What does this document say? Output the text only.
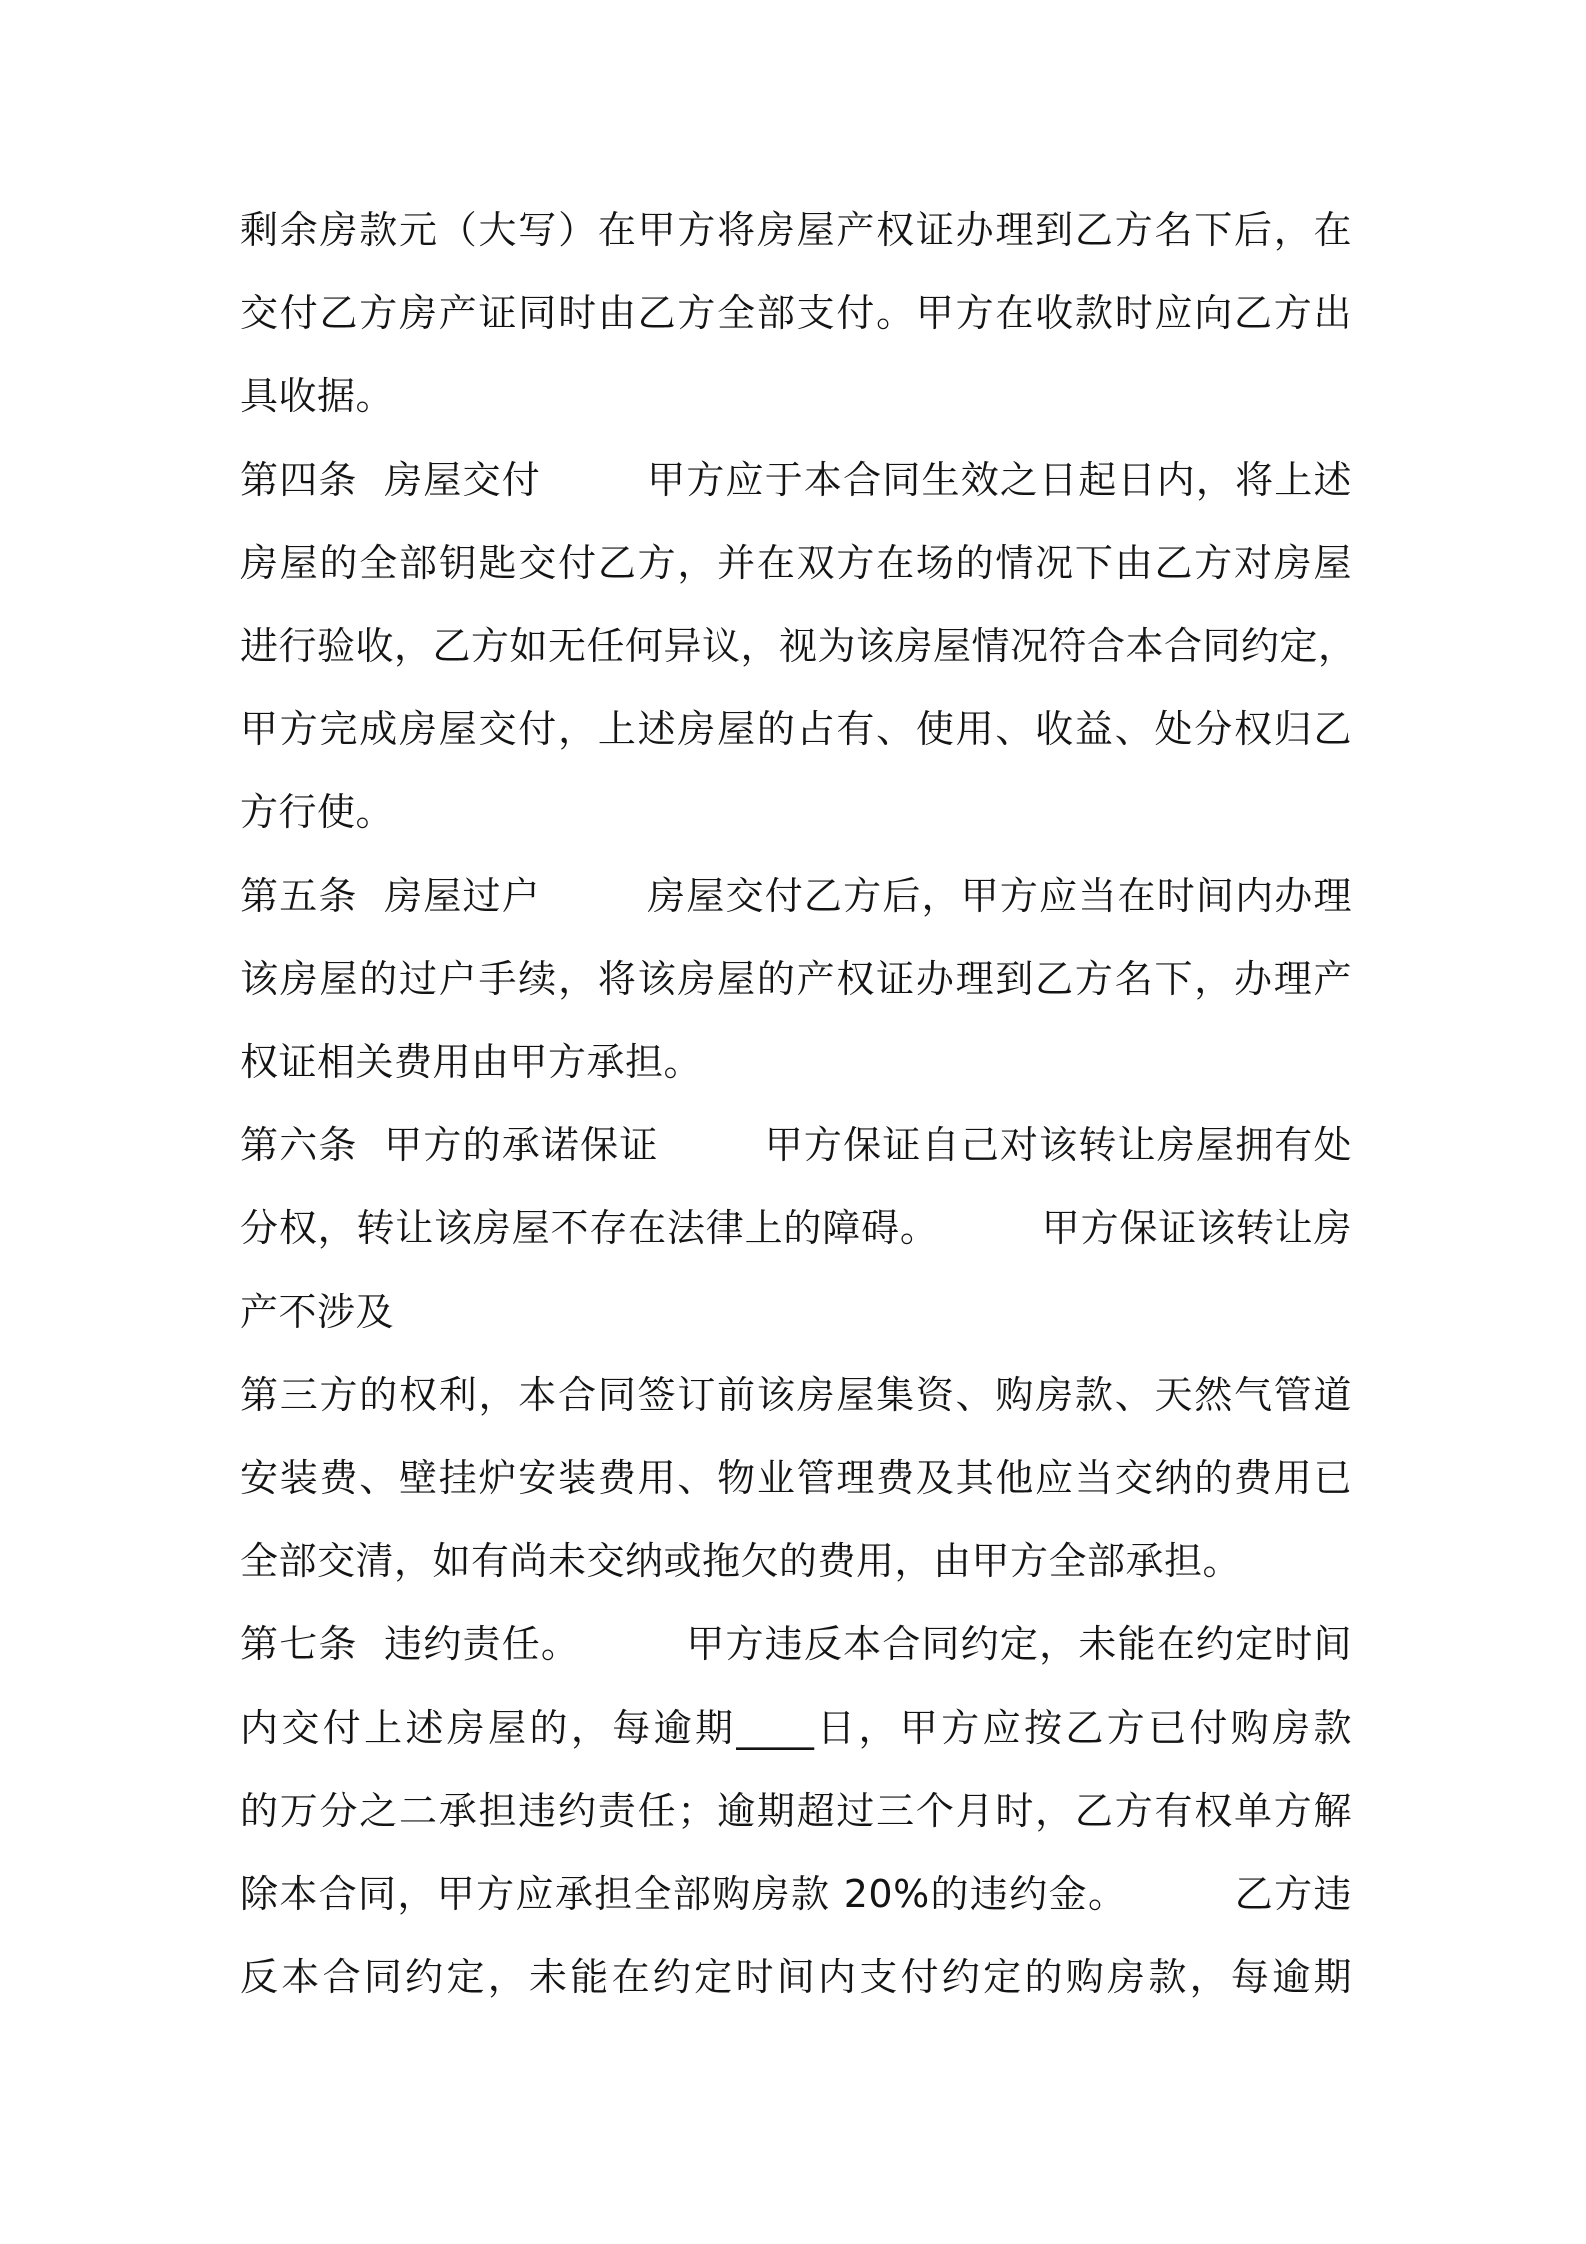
剩余房款元（大写）在甲方将房屋产权证办理到乙方名下后，在
交付乙方房产证同时由乙方全部支付。甲方在收款时应向乙方出
具收据。
第四条  房屋交付        甲方应于本合同生效之日起日内，将上述
房屋的全部钥匙交付乙方，并在双方在场的情况下由乙方对房屋
进行验收，乙方如无任何异议，视为该房屋情况符合本合同约定，
甲方完成房屋交付，上述房屋的占有、使用、收益、处分权归乙
方行使。
第五条  房屋过户        房屋交付乙方后，甲方应当在时间内办理
该房屋的过户手续，将该房屋的产权证办理到乙方名下，办理产
权证相关费用由甲方承担。
第六条  甲方的承诺保证        甲方保证自己对该转让房屋拥有处
分权，转让该房屋不存在法律上的障碍。        甲方保证该转让房
产不涉及
第三方的权利，本合同签订前该房屋集资、购房款、天然气管道
安装费、壁挂炉安装费用、物业管理费及其他应当交纳的费用已
全部交清，如有尚未交纳或拖欠的费用，由甲方全部承担。
第七条  违约责任。        甲方违反本合同约定，未能在约定时间
内交付上述房屋的，每逾期____日，甲方应按乙方已付购房款
的万分之二承担违约责任；逾期超过三个月时，乙方有权单方解
除本合同，甲方应承担全部购房款 20%的违约金。        乙方违
反本合同约定，未能在约定时间内支付约定的购房款，每逾期
